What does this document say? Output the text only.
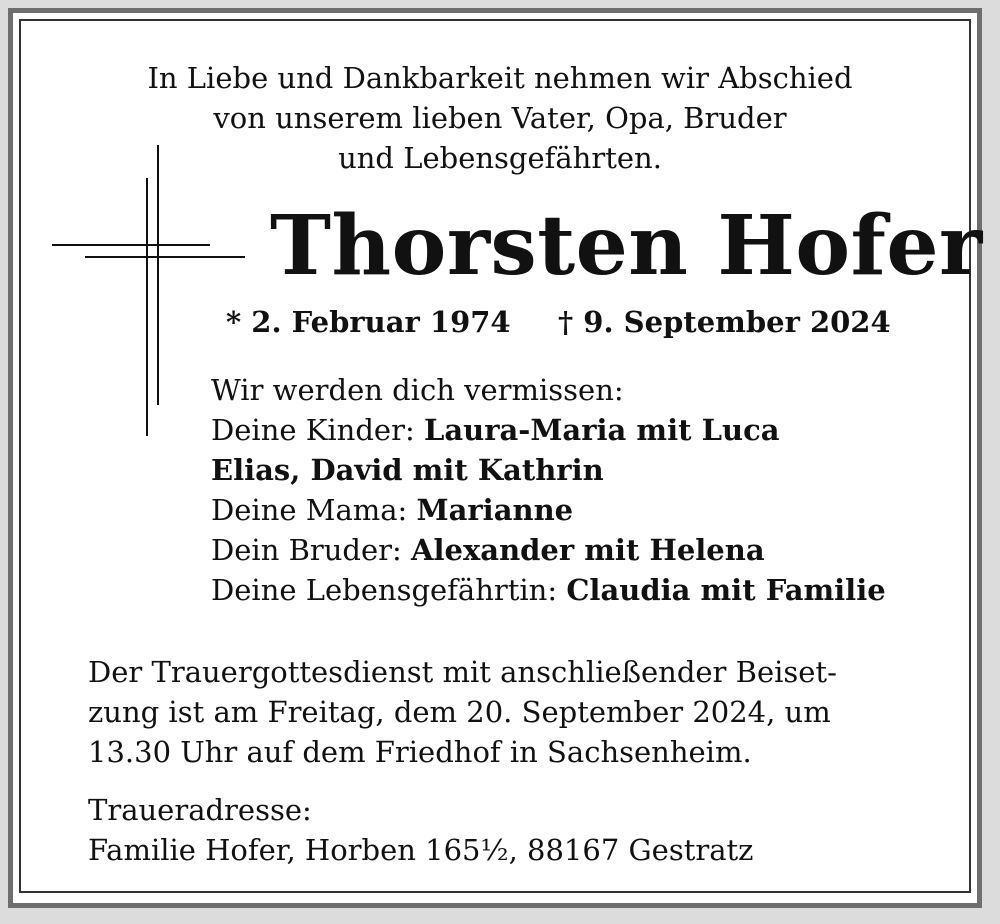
In Liebe und Dankbarkeit nehmen wir Abschied
von unserem lieben Vater, Opa, Bruder
und Lebensgefährten.
Thorsten Hofer
* 2. Februar 1974 † 9. September 2024
Wir werden dich vermissen:
Deine Kinder: Laura-Maria mit Luca
Elias, David mit Kathrin
Deine Mama: Marianne
Dein Bruder: Alexander mit Helena
Deine Lebensgefährtin: Claudia mit Familie
Der Trauergottesdienst mit anschließender Beiset-
zung ist am Freitag, dem 20. September 2024, um
13.30 Uhr auf dem Friedhof in Sachsenheim.
Traueradresse:
Familie Hofer, Horben 165½, 88167 Gestratz
